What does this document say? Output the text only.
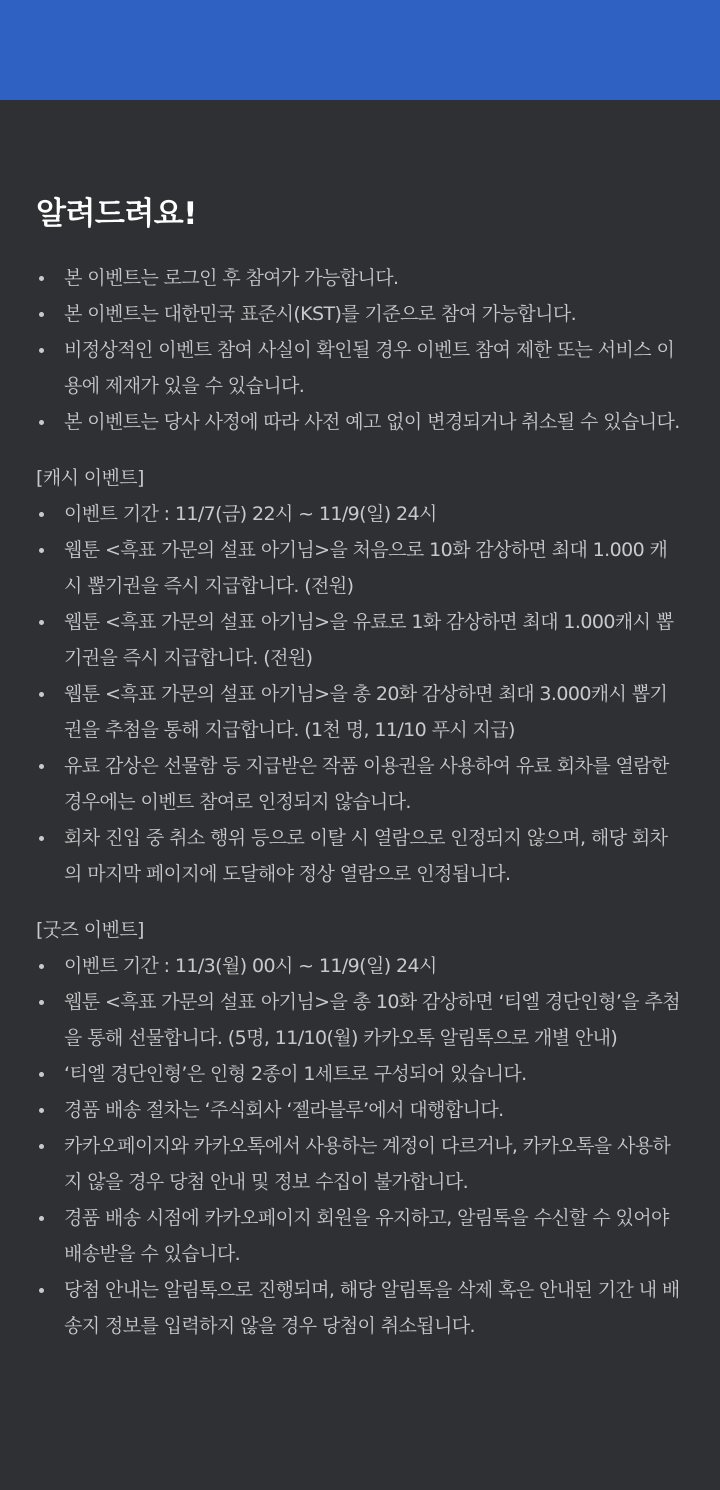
알려드려요!
본 이벤트는 로그인 후 참여가 가능합니다.
본 이벤트는 대한민국 표준시(KST)를 기준으로 참여 가능합니다.
비정상적인 이벤트 참여 사실이 확인될 경우 이벤트 참여 제한 또는 서비스 이용에 제재가 있을 수 있습니다.
본 이벤트는 당사 사정에 따라 사전 예고 없이 변경되거나 취소될 수 있습니다.
[캐시 이벤트]
이벤트 기간 : 11/7(금) 22시 ~ 11/9(일) 24시
웹툰 <흑표 가문의 설표 아기님>을 처음으로 10화 감상하면 최대 1.000 캐시 뽑기권을 즉시 지급합니다. (전원)
웹툰 <흑표 가문의 설표 아기님>을 유료로 1화 감상하면 최대 1.000캐시 뽑기권을 즉시 지급합니다. (전원)
웹툰 <흑표 가문의 설표 아기님>을 총 20화 감상하면 최대 3.000캐시 뽑기권을 추첨을 통해 지급합니다. (1천 명, 11/10 푸시 지급)
유료 감상은 선물함 등 지급받은 작품 이용권을 사용하여 유료 회차를 열람한 경우에는 이벤트 참여로 인정되지 않습니다.
회차 진입 중 취소 행위 등으로 이탈 시 열람으로 인정되지 않으며, 해당 회차의 마지막 페이지에 도달해야 정상 열람으로 인정됩니다.
[굿즈 이벤트]
이벤트 기간 : 11/3(월) 00시 ~ 11/9(일) 24시
웹툰 <흑표 가문의 설표 아기님>을 총 10화 감상하면 ‘티엘 경단인형’을 추첨을 통해 선물합니다. (5명, 11/10(월) 카카오톡 알림톡으로 개별 안내)
‘티엘 경단인형’은 인형 2종이 1세트로 구성되어 있습니다.
경품 배송 절차는 ‘주식회사 ‘젤라블루’에서 대행합니다.
카카오페이지와 카카오톡에서 사용하는 계정이 다르거나, 카카오톡을 사용하지 않을 경우 당첨 안내 및 정보 수집이 불가합니다.
경품 배송 시점에 카카오페이지 회원을 유지하고, 알림톡을 수신할 수 있어야 배송받을 수 있습니다.
당첨 안내는 알림톡으로 진행되며, 해당 알림톡을 삭제 혹은 안내된 기간 내 배송지 정보를 입력하지 않을 경우 당첨이 취소됩니다.
